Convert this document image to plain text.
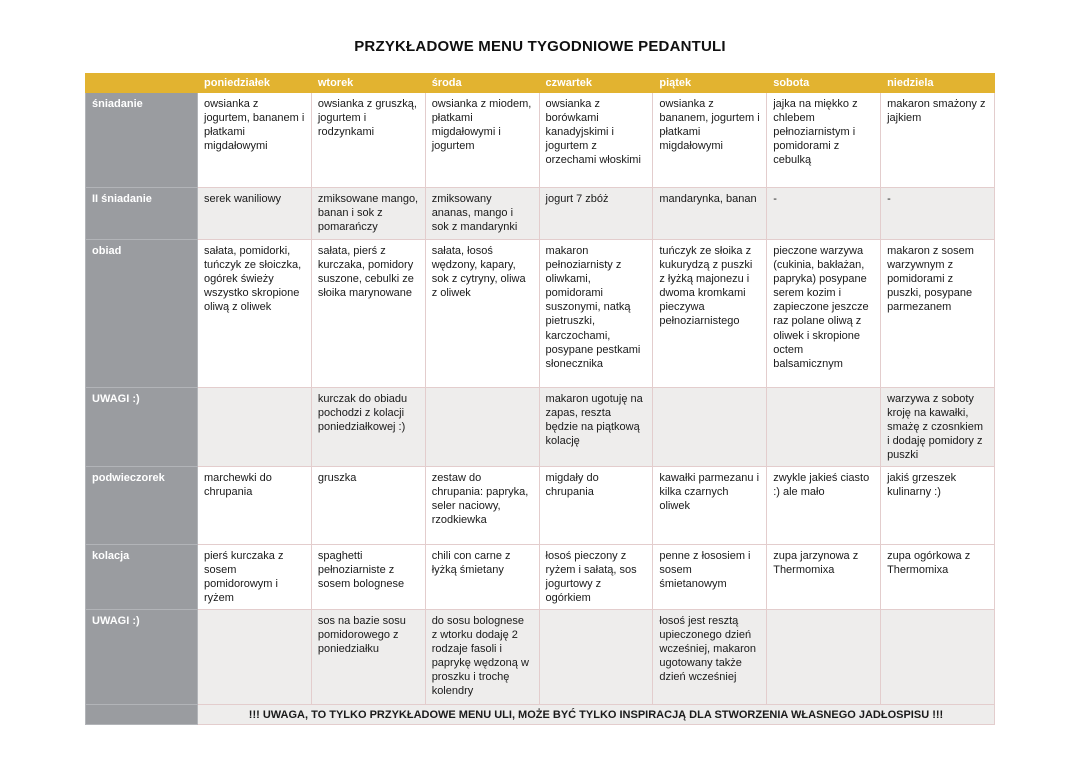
PRZYKŁADOWE MENU TYGODNIOWE PEDANTULI
	poniedziałek	wtorek	środa	czwartek	piątek	sobota	niedziela
śniadanie	owsianka z jogurtem, bananem i płatkami migdałowymi	owsianka z gruszką, jogurtem i rodzynkami	owsianka z miodem, płatkami migdałowymi i jogurtem	owsianka z borówkami kanadyjskimi i jogurtem z orzechami włoskimi	owsianka z bananem, jogurtem i płatkami migdałowymi	jajka na miękko z chlebem pełnoziarnistym i pomidorami z cebulką	makaron smażony z jajkiem
II śniadanie	serek waniliowy	zmiksowane mango, banan i sok z pomarańczy	zmiksowany ananas, mango i sok z mandarynki	jogurt 7 zbóż	mandarynka, banan	-	-
obiad	sałata, pomidorki, tuńczyk ze słoiczka, ogórek świeży wszystko skropione oliwą z oliwek	sałata, pierś z kurczaka, pomidory suszone, cebulki ze słoika marynowane	sałata, łosoś wędzony, kapary, sok z cytryny, oliwa z oliwek	makaron pełnoziarnisty z oliwkami, pomidorami suszonymi, natką pietruszki, karczochami, posypane pestkami słonecznika	tuńczyk ze słoika z kukurydzą z puszki z łyżką majonezu i dwoma kromkami pieczywa pełnoziarnistego	pieczone warzywa (cukinia, bakłażan, papryka) posypane serem kozim i zapieczone jeszcze raz polane oliwą z oliwek i skropione octem balsamicznym	makaron z sosem warzywnym z pomidorami z puszki, posypane parmezanem
UWAGI :)		kurczak do obiadu pochodzi z kolacji poniedziałkowej :)		makaron ugotuję na zapas, reszta będzie na piątkową kolację			warzywa z soboty kroję na kawałki, smażę z czosnkiem i dodaję pomidory z puszki
podwieczorek	marchewki do chrupania	gruszka	zestaw do chrupania: papryka, seler naciowy, rzodkiewka	migdały do chrupania	kawałki parmezanu i kilka czarnych oliwek	zwykle jakieś ciasto :) ale mało	jakiś grzeszek kulinarny :)
kolacja	pierś kurczaka z sosem pomidorowym i ryżem	spaghetti pełnoziarniste z sosem bolognese	chili con carne z łyżką śmietany	łosoś pieczony z ryżem i sałatą, sos jogurtowy z ogórkiem	penne z łososiem i sosem śmietanowym	zupa jarzynowa z Thermomixa	zupa ogórkowa z Thermomixa
UWAGI :)		sos na bazie sosu pomidorowego z poniedziałku	do sosu bolognese z wtorku dodaję 2 rodzaje fasoli i paprykę wędzoną w proszku i trochę kolendry		łosoś jest resztą upieczonego dzień wcześniej, makaron ugotowany także dzień wcześniej		
	!!! UWAGA, TO TYLKO PRZYKŁADOWE MENU ULI, MOŻE BYĆ TYLKO INSPIRACJĄ DLA STWORZENIA WŁASNEGO JADŁOSPISU !!!						
